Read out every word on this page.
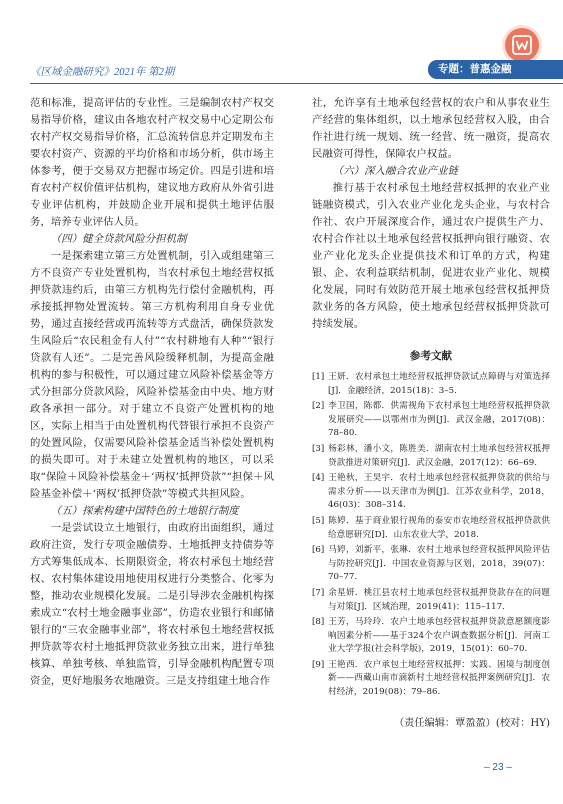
《区域金融研究》2021年 第2期	专题：普惠金融

范和标准，提高评估的专业性。三是编制农村产权交易指导价格，建议由各地农村产权交易中心定期公布农村产权交易指导价格，汇总流转信息并定期发布主要农村资产、资源的平均价格和市场分析，供市场主体参考，便于交易双方把握市场定价。四是引进和培育农村产权价值评估机构，建议地方政府从外省引进专业评估机构，并鼓励企业开展和提供土地评估服务，培养专业评估人员。

（四）健全贷款风险分担机制

一是探索建立第三方处置机制，引入或组建第三方不良资产专业处置机构，当农村承包土地经营权抵押贷款违约后，由第三方机构先行偿付金融机构，再承接抵押物处置流转。第三方机构利用自身专业优势，通过直接经营或再流转等方式盘活，确保贷款发生风险后“农民租金有人付”“农村耕地有人种”“银行贷款有人还”。二是完善风险缓释机制，为提高金融机构的参与积极性，可以通过建立风险补偿基金等方式分担部分贷款风险，风险补偿基金由中央、地方财政各承担一部分。对于建立不良资产处置机构的地区，实际上相当于由处置机构代替银行承担不良资产的处置风险，仅需要风险补偿基金适当补偿处置机构的损失即可。对于未建立处置机构的地区，可以采取“保险＋风险补偿基金＋‘两权’抵押贷款”“担保＋风险基金补偿＋‘两权’抵押贷款”等模式共担风险。

（五）探索构建中国特色的土地银行制度

一是尝试设立土地银行，由政府出面组织，通过政府注资，发行专项金融债券、土地抵押支持债券等方式筹集低成本、长期限资金，将农村承包土地经营权、农村集体建设用地使用权进行分类整合、化零为整，推动农业规模化发展。二是引导涉农金融机构探索成立“农村土地金融事业部”，仿造农业银行和邮储银行的“三农金融事业部”，将农村承包土地经营权抵押贷款等农村土地抵押贷款业务独立出来，进行单独核算、单独考核、单独监管，引导金融机构配置专项资金，更好地服务农地融资。三是支持组建土地合作

社，允许享有土地承包经营权的农户和从事农业生产经营的集体组织，以土地承包经营权入股，由合作社进行统一规划、统一经营、统一融资，提高农民融资可得性，保障农户权益。

（六）深入融合农业产业链

推行基于农村承包土地经营权抵押的农业产业链融资模式，引入农业产业化龙头企业，与农村合作社、农户开展深度合作，通过农户提供生产力、农村合作社以土地承包经营权抵押向银行融资、农业产业化龙头企业提供技术和订单的方式，构建银、企、农利益联结机制，促进农业产业化、规模化发展，同时有效防范开展土地承包经营权抵押贷款业务的各方风险，使土地承包经营权抵押贷款可持续发展。

参考文献

[1] 王妍．农村承包土地经营权抵押贷款试点障碍与对策选择[J]．金融经济，2015(18)：3–5.

[2] 李卫国，陈都．供需视角下农村承包土地经营权抵押贷款发展研究——以鄂州市为例[J]．武汉金融，2017(08)：78–80.

[3] 杨彩林，潘小文，陈胜美．湖南农村土地承包经营权抵押贷款推进对策研究[J]．武汉金融，2017(12)：66–69.

[4] 王艳秋，王昊宇．农村土地承包经营权抵押贷款的供给与需求分析——以天津市为例[J]．江苏农业科学，2018，46(03)：308–314.

[5] 陈婷．基于商业银行视角的泰安市农地经营权抵押贷款供给意愿研究[D]．山东农业大学，2018.

[6] 马婷，刘新平，张琳．农村土地承包经营权抵押风险评估与防控研究[J]．中国农业资源与区划，2018，39(07)：70–77.

[7] 余星妍．桃江县农村土地承包经营权抵押贷款存在的问题与对策[J]．区域治理，2019(41)：115–117.

[8] 王芳，马玲玲．农户土地承包经营权抵押贷款意愿额度影响因素分析——基于324个农户调查数据分析[J]．河南工业大学学报(社会科学版)，2019，15(01)：60–70.

[9] 王艳西．农户承包土地经营权抵押：实践、困境与制度创新——西藏山南市滴新村土地经营权抵押案例研究[J]．农村经济，2019(08)：79–86.

（责任编辑：覃盈盈）(校对：HY)
– 23 –
